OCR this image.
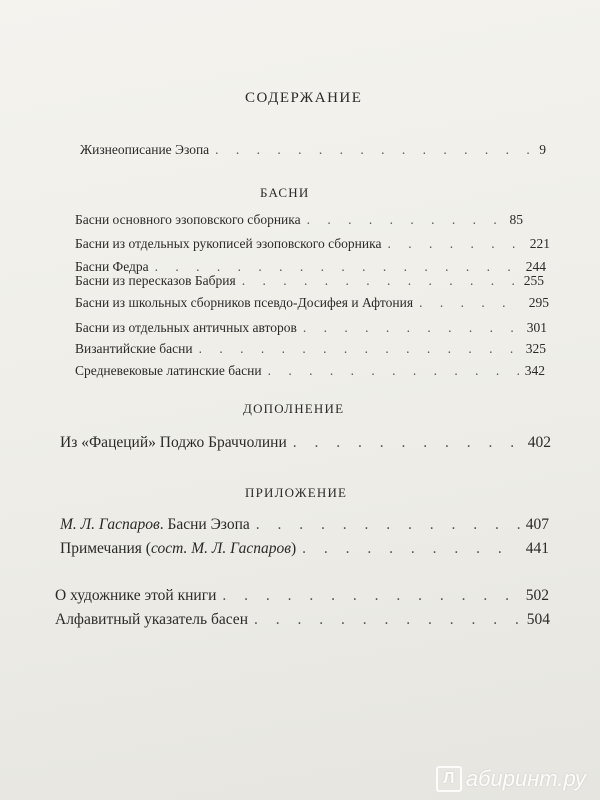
СОДЕРЖАНИЕ
Жизнеописание Эзопа . . .	9
БАСНИ
Басни основного эзоповского сборника . . .	85
Басни из отдельных рукописей эзоповского сборника . . .	221
Басни Федра . . .	244
Басни из пересказов Бабрия . . .	255
Басни из школьных сборников псевдо-Досифея и Афтония . . .	295
Басни из отдельных античных авторов . . .	301
Византийские басни . . .	325
Средневековые латинские басни . . .	342
ДОПОЛНЕНИЕ
Из «Фацеций» Поджо Браччолини . . .	402
ПРИЛОЖЕНИЕ
М. Л. Гаспаров. Басни Эзопа . . .	407
Примечания (сост. М. Л. Гаспаров) . . .	441
О художнике этой книги . . .	502
Алфавитный указатель басен . . .	504
Л абиринт.ру
